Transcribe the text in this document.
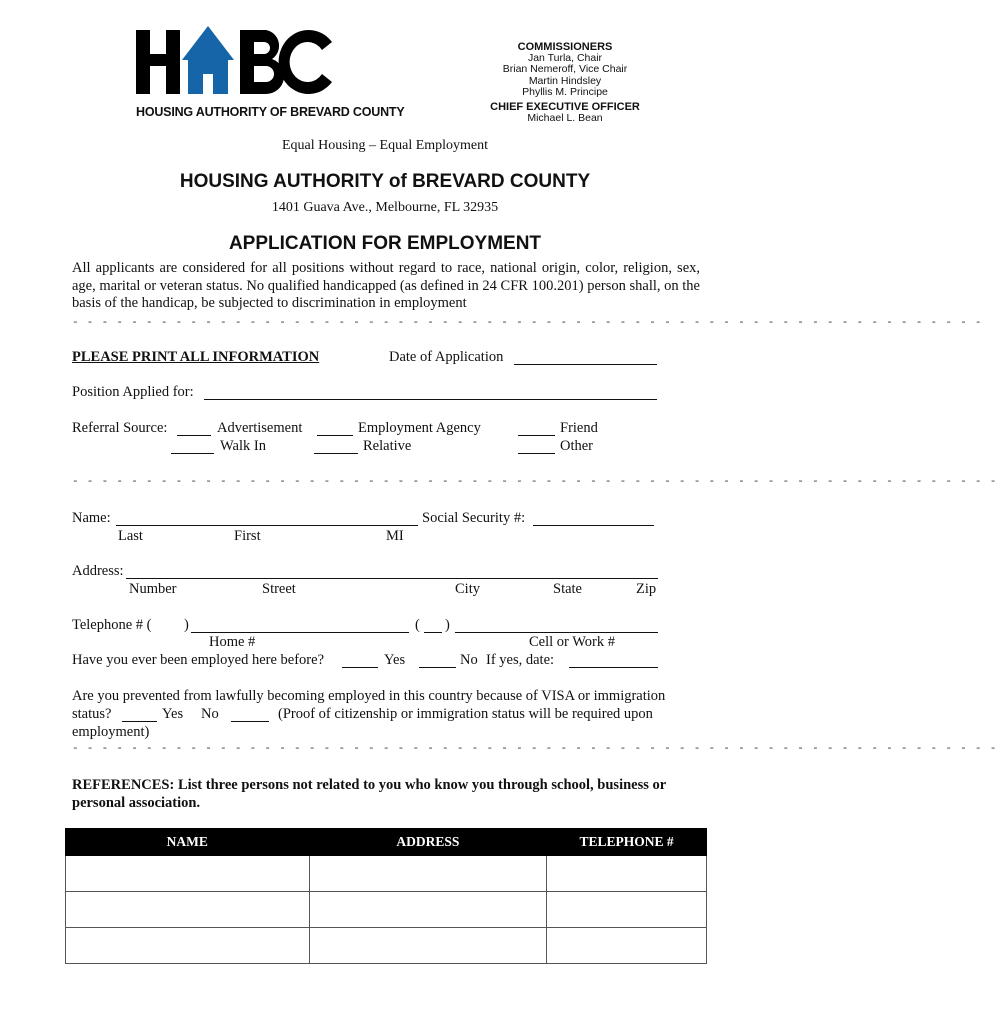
HOUSING AUTHORITY OF BREVARD COUNTY
COMMISSIONERS
Jan Turla, Chair
Brian Nemeroff, Vice Chair
Martin Hindsley
Phyllis M. Principe
CHIEF EXECUTIVE OFFICER
Michael L. Bean
Equal Housing – Equal Employment
HOUSING AUTHORITY of BREVARD COUNTY
1401 Guava Ave., Melbourne, FL 32935
APPLICATION FOR EMPLOYMENT
All applicants are considered for all positions without regard to race, national origin, color, religion, sex, age, marital or veteran status. No qualified handicapped (as defined in 24 CFR 100.201) person shall, on the basis of the handicap, be subjected to discrimination in employment
- - - - - - - - - - - - - - - - - - - - - - - - - - - - - - - - - - - - - - - - - - - - - - - - - - - - - - - - - - - - - -
PLEASE PRINT ALL INFORMATION	Date of Application
Position Applied for:
Referral Source:	Advertisement	Employment Agency	Friend
Walk In	Relative	Other
- - - - - - - - - - - - - - - - - - - - - - - - - - - - - - - - - - - - - - - - - - - - - - - - - - - - - - - - - - - - - - -
Name:	Social Security #:
Last	First	MI
Address:
Number	Street	City	State	Zip
Telephone # ( )	( )
Home #	Cell or Work #
Have you ever been employed here before?	Yes	No If yes, date:
Are you prevented from lawfully becoming employed in this country because of VISA or immigration
status?	Yes No	(Proof of citizenship or immigration status will be required upon
employment)
- - - - - - - - - - - - - - - - - - - - - - - - - - - - - - - - - - - - - - - - - - - - - - - - - - - - - - - - - - - - - - -
REFERENCES: List three persons not related to you who know you through school, business or personal association.
NAME	ADDRESS	TELEPHONE #
